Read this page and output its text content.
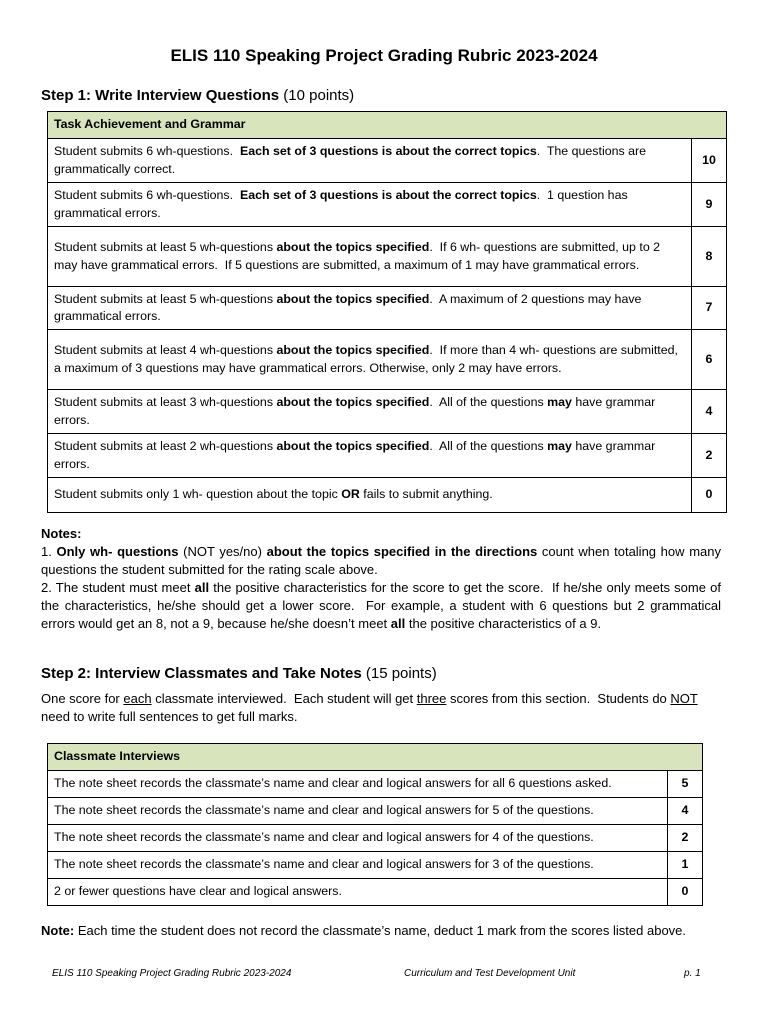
ELIS 110 Speaking Project Grading Rubric 2023-2024
Step 1: Write Interview Questions (10 points)
Task Achievement and Grammar	
Student submits 6 wh-questions.  Each set of 3 questions is about the correct topics.  The questions are grammatically correct.	10
Student submits 6 wh-questions.  Each set of 3 questions is about the correct topics.  1 question has grammatical errors.	9
Student submits at least 5 wh-questions about the topics specified.  If 6 wh- questions are submitted, up to 2 may have grammatical errors.  If 5 questions are submitted, a maximum of 1 may have grammatical errors.	8
Student submits at least 5 wh-questions about the topics specified.  A maximum of 2 questions may have grammatical errors.	7
Student submits at least 4 wh-questions about the topics specified.  If more than 4 wh- questions are submitted, a maximum of 3 questions may have grammatical errors. Otherwise, only 2 may have errors.	6
Student submits at least 3 wh-questions about the topics specified.  All of the questions may have grammar errors.	4
Student submits at least 2 wh-questions about the topics specified.  All of the questions may have grammar errors.	2
Student submits only 1 wh- question about the topic OR fails to submit anything.	0
Notes:
1. Only wh- questions (NOT yes/no) about the topics specified in the directions count when totaling how many questions the student submitted for the rating scale above.
2. The student must meet all the positive characteristics for the score to get the score.  If he/she only meets some of the characteristics, he/she should get a lower score.  For example, a student with 6 questions but 2 grammatical errors would get an 8, not a 9, because he/she doesn’t meet all the positive characteristics of a 9.
Step 2: Interview Classmates and Take Notes (15 points)
One score for each classmate interviewed.  Each student will get three scores from this section.  Students do NOT need to write full sentences to get full marks.
Classmate Interviews	
The note sheet records the classmate’s name and clear and logical answers for all 6 questions asked.	5
The note sheet records the classmate’s name and clear and logical answers for 5 of the questions.	4
The note sheet records the classmate’s name and clear and logical answers for 4 of the questions.	2
The note sheet records the classmate’s name and clear and logical answers for 3 of the questions.	1
2 or fewer questions have clear and logical answers.	0
Note: Each time the student does not record the classmate’s name, deduct 1 mark from the scores listed above.
ELIS 110 Speaking Project Grading Rubric 2023-2024	Curriculum and Test Development Unit	p. 1
